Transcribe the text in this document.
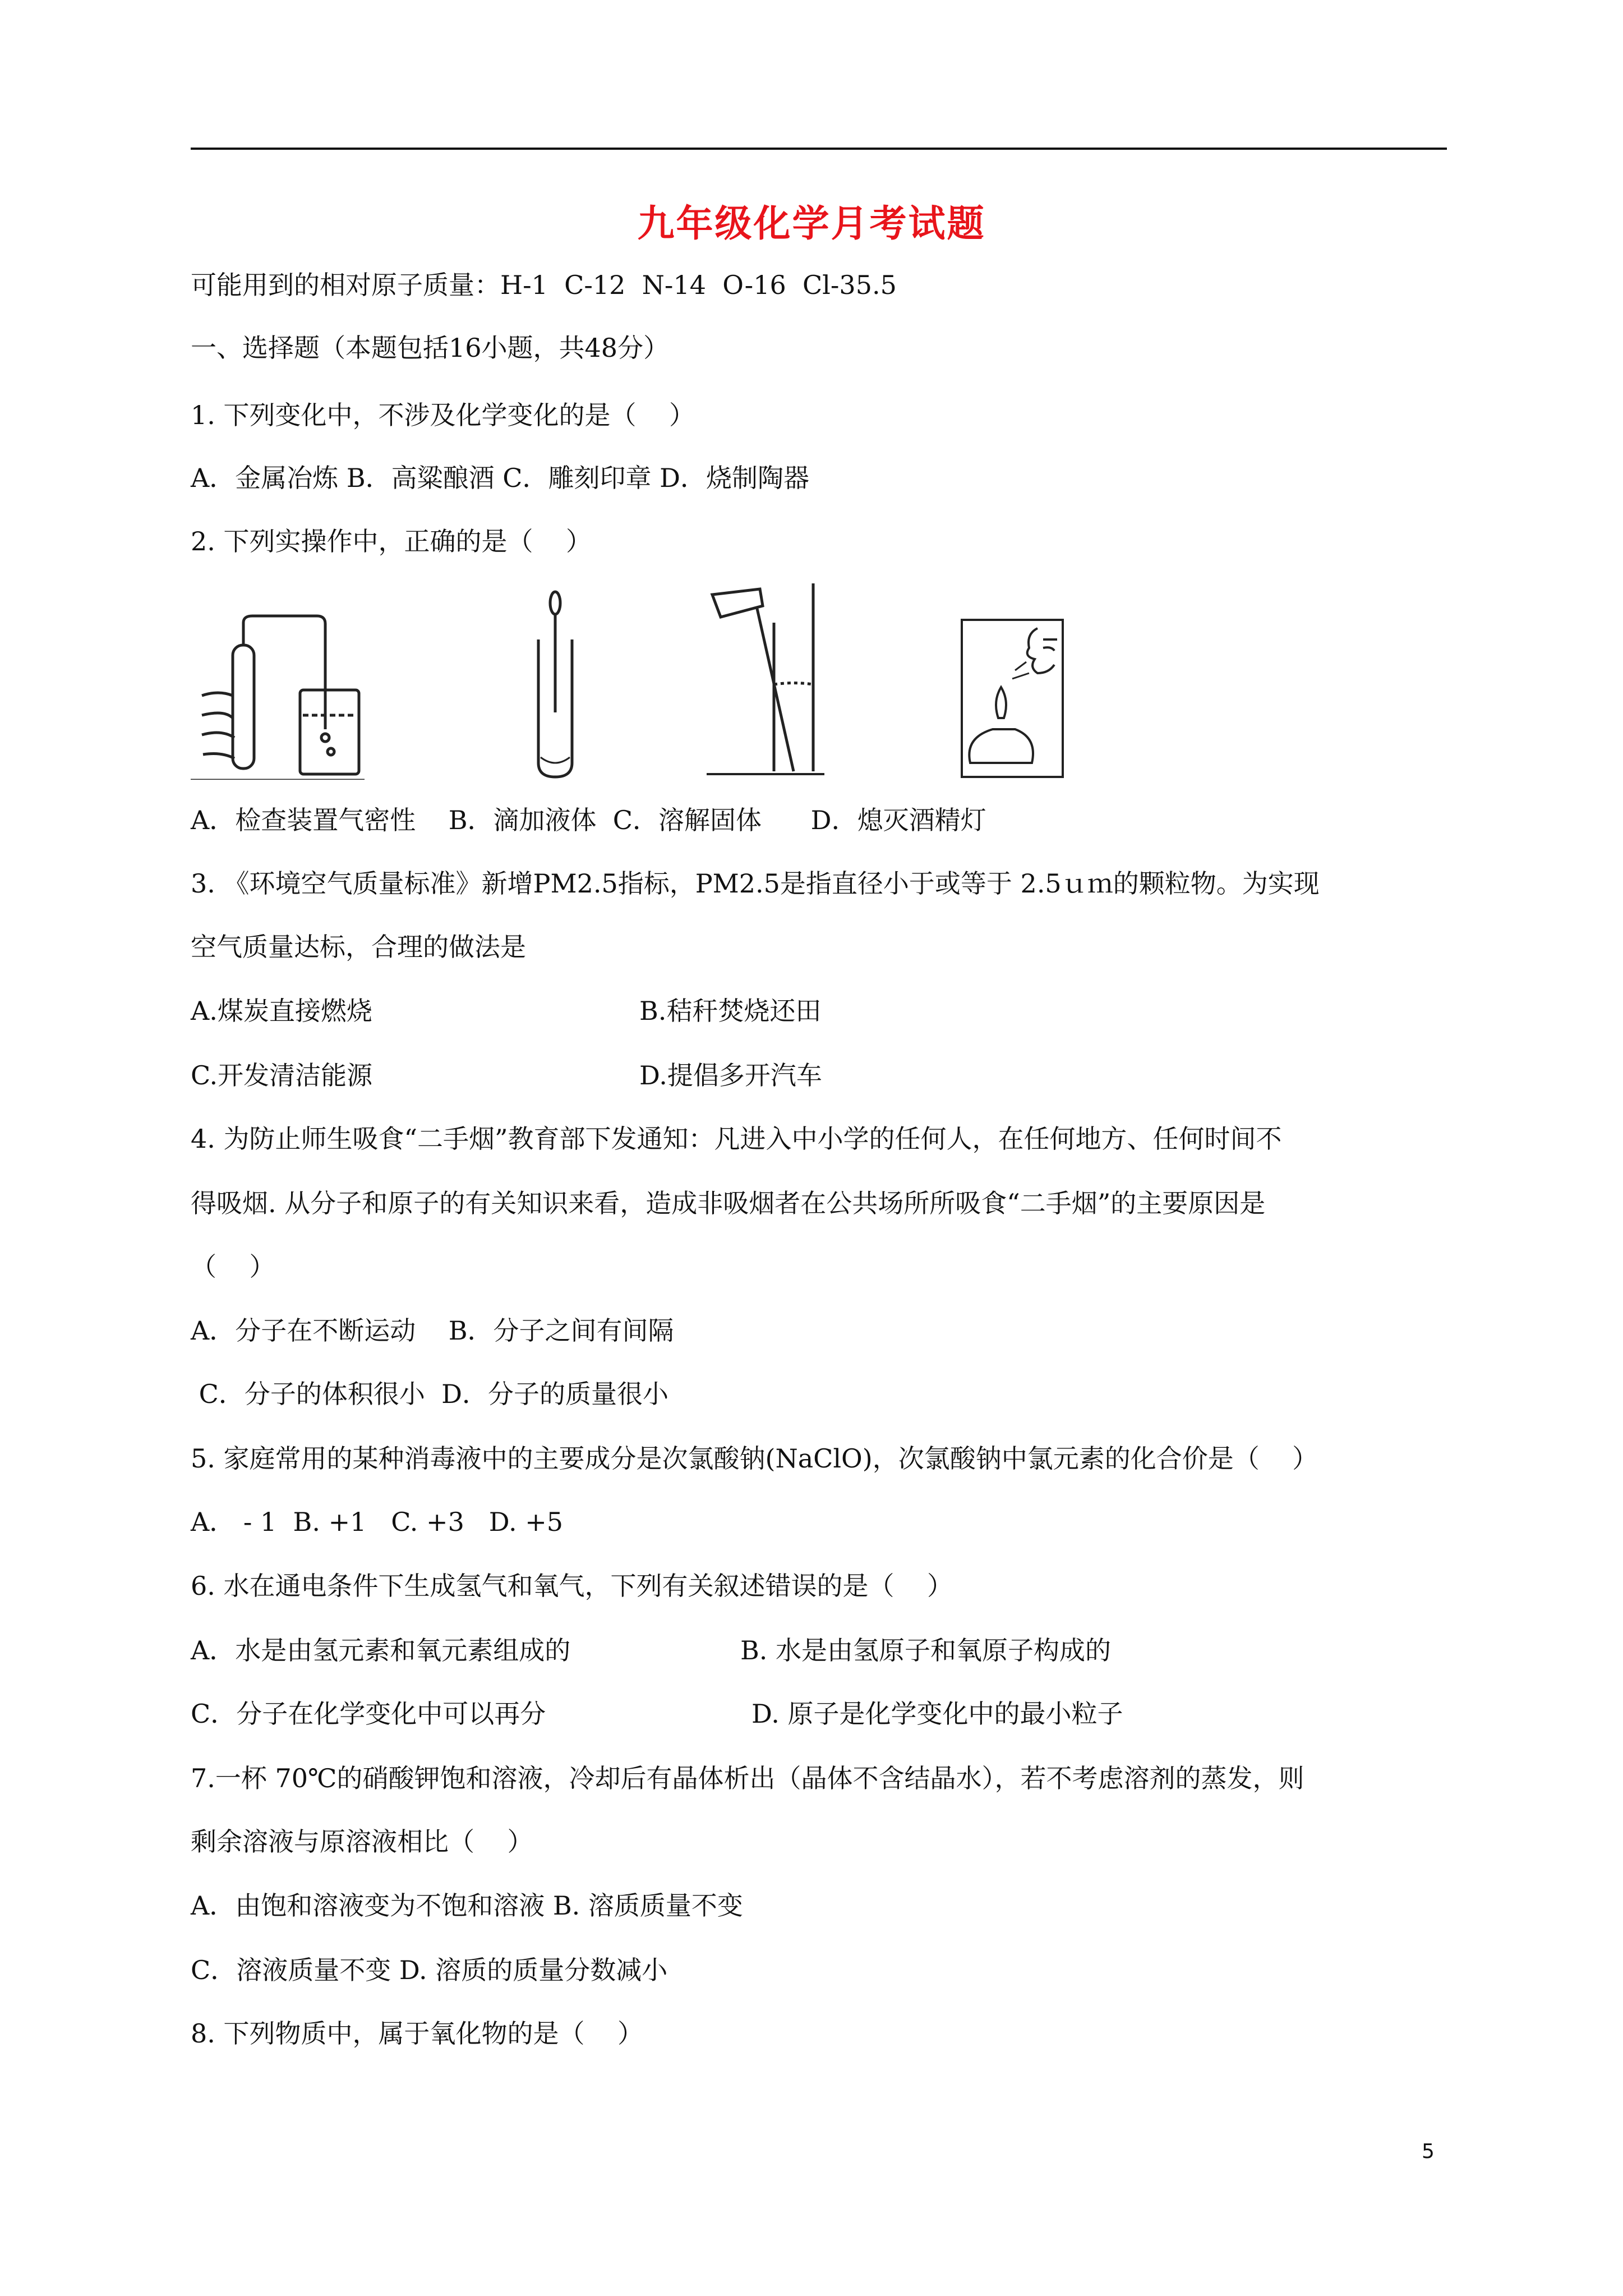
九年级化学月考试题
可能用到的相对原子质量：H-1  C-12  N-14  O-16  Cl-35.5
一、选择题（本题包括16小题，共48分）
1. 下列变化中，不涉及化学变化的是（    ）
A．金属冶炼 B．高粱酿酒 C．雕刻印章 D．烧制陶器
2. 下列实操作中，正确的是（    ）
A．检查装置气密性    B．滴加液体  C．溶解固体      D．熄灭酒精灯
3. 《环境空气质量标准》新增PM2.5指标，PM2.5是指直径小于或等于 2.5ｕｍ的颗粒物。为实现
空气质量达标，合理的做法是
A.煤炭直接燃烧	B.秸秆焚烧还田
C.开发清洁能源	D.提倡多开汽车
4. 为防止师生吸食“二手烟”教育部下发通知：凡进入中小学的任何人，在任何地方、任何时间不
得吸烟. 从分子和原子的有关知识来看，造成非吸烟者在公共场所所吸食“二手烟”的主要原因是
（    ）
A．分子在不断运动    B．分子之间有间隔
C．分子的体积很小  D．分子的质量很小
5. 家庭常用的某种消毒液中的主要成分是次氯酸钠(NaClO)，次氯酸钠中氯元素的化合价是（    ）
A． - 1  B. +1   C. +3   D. +5
6. 水在通电条件下生成氢气和氧气，下列有关叙述错误的是（    ）
A．水是由氢元素和氧元素组成的	B. 水是由氢原子和氧原子构成的
C．分子在化学变化中可以再分	D. 原子是化学变化中的最小粒子
7.一杯 70℃的硝酸钾饱和溶液，冷却后有晶体析出（晶体不含结晶水），若不考虑溶剂的蒸发，则
剩余溶液与原溶液相比（    ）
A．由饱和溶液变为不饱和溶液 B. 溶质质量不变
C．溶液质量不变 D. 溶质的质量分数减小
8. 下列物质中，属于氧化物的是（    ）
5
